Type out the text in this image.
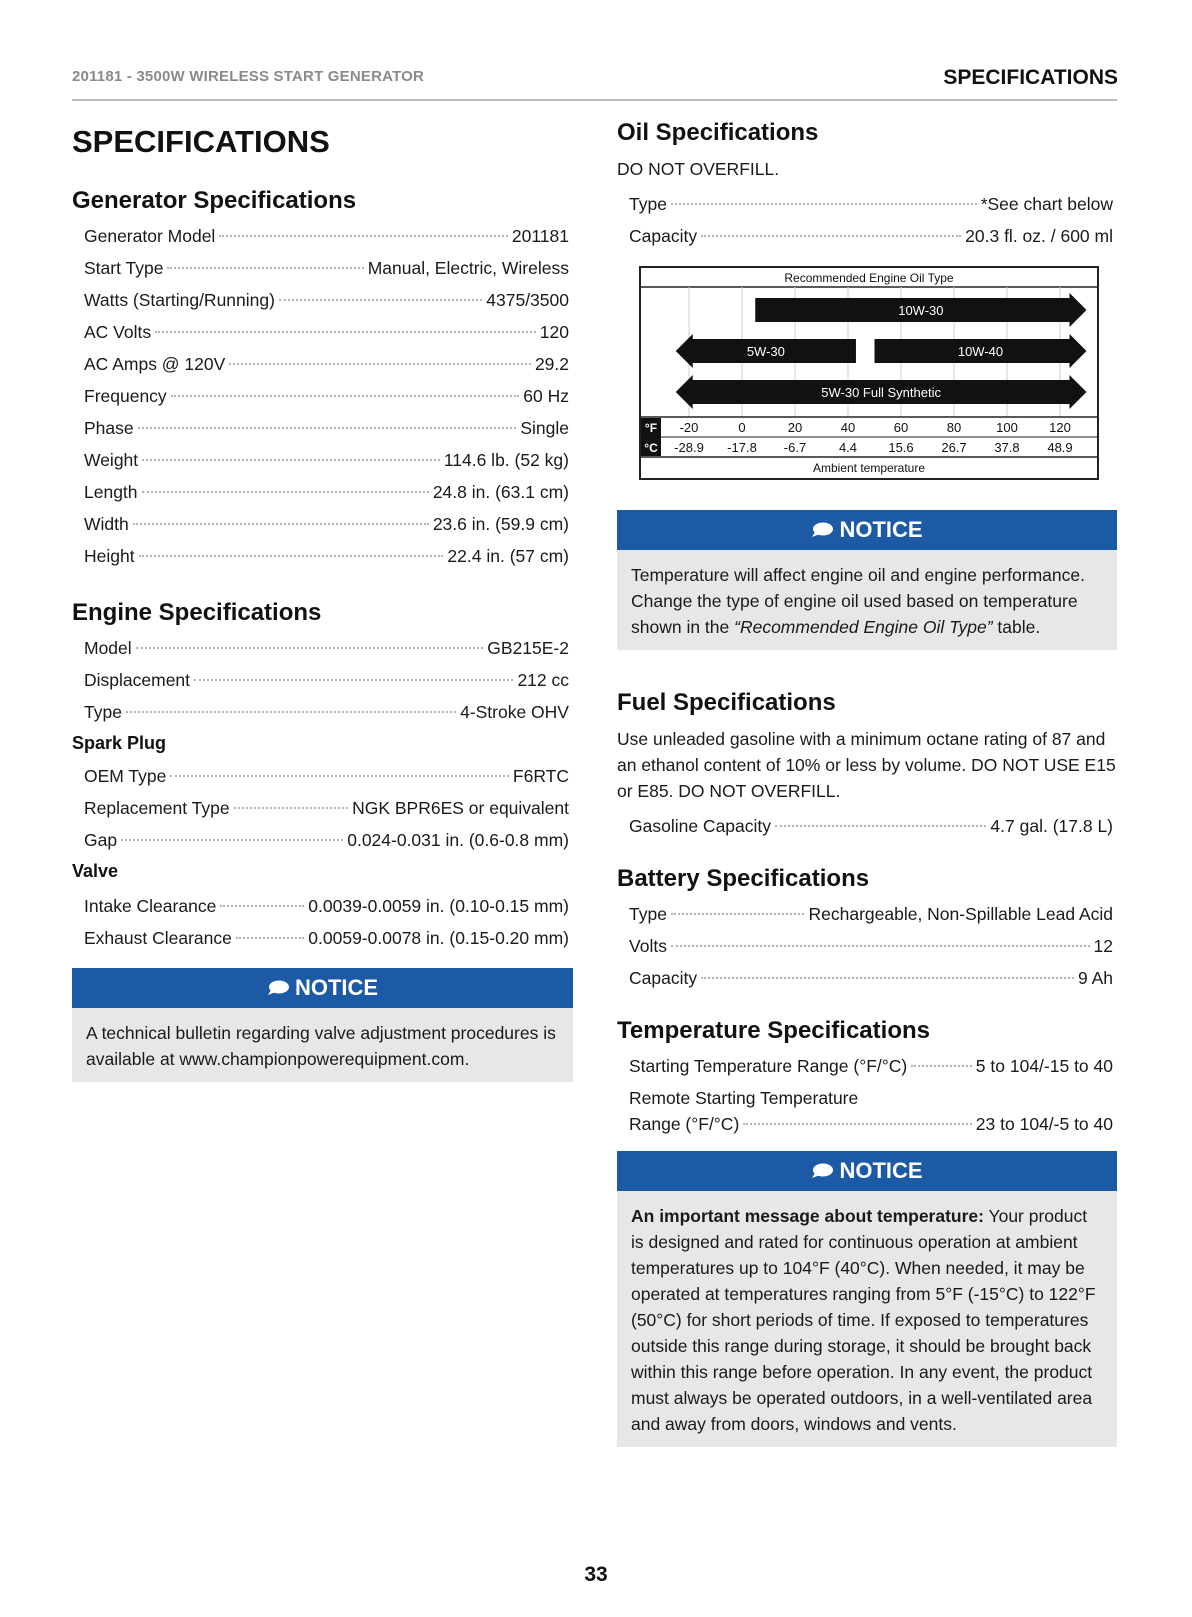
201181 - 3500W WIRELESS START GENERATOR	SPECIFICATIONS
SPECIFICATIONS
Generator Specifications
Generator Model	201181
Start Type	Manual, Electric, Wireless
Watts (Starting/Running)	4375/3500
AC Volts	120
AC Amps @ 120V	29.2
Frequency	60 Hz
Phase	Single
Weight	114.6 lb. (52 kg)
Length	24.8 in. (63.1 cm)
Width	23.6 in. (59.9 cm)
Height	22.4 in. (57 cm)
Engine Specifications
Model	GB215E-2
Displacement	212 cc
Type	4-Stroke OHV
Spark Plug
OEM Type	F6RTC
Replacement Type	NGK BPR6ES or equivalent
Gap	0.024-0.031 in. (0.6-0.8 mm)
Valve
Intake Clearance	0.0039-0.0059 in. (0.10-0.15 mm)
Exhaust Clearance	0.0059-0.0078 in. (0.15-0.20 mm)
NOTICE
A technical bulletin regarding valve adjustment procedures is available at www.championpowerequipment.com.
Oil Specifications

DO NOT OVERFILL.

Type	*See chart below
Capacity	20.3 fl. oz. / 600 ml
Recommended Engine Oil Type
10W-30
5W-30	10W-40
5W-30 Full Synthetic
°F
°C
-20	0	20	40	60	80	100 120
-28.9 -17.8 -6.7	4.4 15.6 26.7 37.8 48.9
Ambient temperature
NOTICE
Temperature will affect engine oil and engine performance. Change the type of engine oil used based on temperature shown in the “Recommended Engine Oil Type” table.
Fuel Specifications

Use unleaded gasoline with a minimum octane rating of 87 and an ethanol content of 10% or less by volume. DO NOT USE E15 or E85. DO NOT OVERFILL.

Gasoline Capacity	4.7 gal. (17.8 L)
Battery Specifications
Type	Rechargeable, Non-Spillable Lead Acid
Volts	12
Capacity	9 Ah
Temperature Specifications
Starting Temperature Range (°F/°C)	5 to 104/-15 to 40
Remote Starting Temperature
Range (°F/°C)	23 to 104/-5 to 40
NOTICE
An important message about temperature: Your product is designed and rated for continuous operation at ambient temperatures up to 104°F (40°C). When needed, it may be operated at temperatures ranging from 5°F (-15°C) to 122°F (50°C) for short periods of time. If exposed to temperatures outside this range during storage, it should be brought back within this range before operation. In any event, the product must always be operated outdoors, in a well-ventilated area and away from doors, windows and vents.
33
